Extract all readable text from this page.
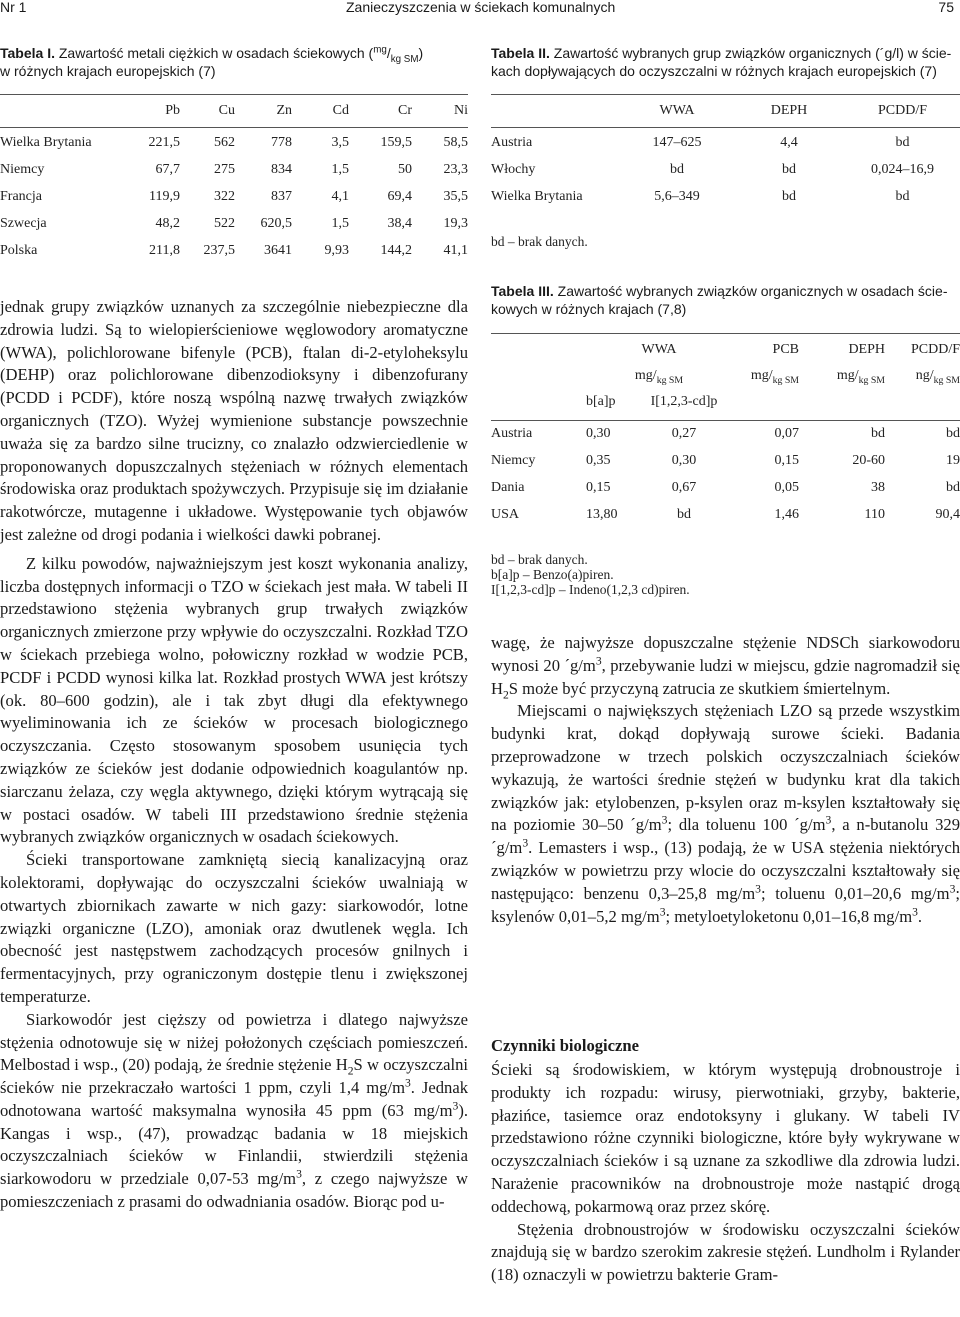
Nr 1	Zanieczyszczenia w ściekach komunalnych	75
Tabela I. Zawartość metali ciężkich w osadach ściekowych $(^{mg}/_{kg SM})$
w różnych krajach europejskich (7)
	Pb	Cu	Zn	Cd	Cr	Ni
Wielka Brytania	221,5	562	778	3,5	159,5	58,5
Niemcy	67,7	275	834	1,5	50	23,3
Francja	119,9	322	837	4,1	69,4	35,5
Szwecja	48,2	522	620,5	1,5	38,4	19,3
Polska	211,8	237,5	3641	9,93	144,2	41,1
Tabela II. Zawartość wybranych grup związków organicznych (´g/l) w ście-
kach dopływających do oczyszczalni w różnych krajach europejskich (7)
	WWA	DEPH	PCDD/F
Austria	147–625	4,4	bd
Włochy	bd	bd	0,024–16,9
Wielka Brytania	5,6–349	bd	bd
bd – brak danych.

jednak grupy związków uznanych za szczególnie niebezpieczne dla zdrowia ludzi. Są to wielopierścieniowe węglowodory aromatyczne (WWA), polichlorowane bifenyle (PCB), ftalan di-2-etyloheksylu (DEHP) oraz polichlorowane dibenzodioksyny i dibenzofurany (PCDD i PCDF), które noszą wspólną nazwę trwałych związków organicznych (TZO). Wyżej wymienione substancje powszechnie uważa się za bardzo silne trucizny, co znalazło odzwierciedlenie w proponowanych dopuszczalnych stężeniach w różnych elementach środowiska oraz produktach spożywczych. Przypisuje się im działanie rakotwórcze, mutagenne i układowe. Występowanie tych objawów jest zależne od drogi podania i wielkości dawki pobranej.

Z kilku powodów, najważniejszym jest koszt wykonania analizy, liczba dostępnych informacji o TZO w ściekach jest mała. W tabeli II przedstawiono stężenia wybranych grup trwałych związków organicznych zmierzone przy wpływie do oczyszczalni. Rozkład TZO w ściekach przebiega wolno, połowiczny rozkład w wodzie PCB, PCDF i PCDD wynosi kilka lat. Rozkład prostych WWA jest krótszy (ok. 80–600 godzin), ale i tak zbyt długi dla efektywnego wyeliminowania ich ze ścieków w procesach biologicznego oczyszczania. Często stosowanym sposobem usunięcia tych związków ze ścieków jest dodanie odpowiednich koagulantów np. siarczanu żelaza, czy węgla aktywnego, dzięki którym wytrącają się w postaci osadów. W tabeli III przedstawiono średnie stężenia wybranych związków organicznych w osadach ściekowych.

Ścieki transportowane zamkniętą siecią kanalizacyjną oraz kolektorami, dopływając do oczyszczalni ścieków uwalniają w otwartych zbiornikach zawarte w nich gazy: siarkowodór, lotne związki organiczne (LZO), amoniak oraz dwutlenek węgla. Ich obecność jest następstwem zachodzących procesów gnilnych i fermentacyjnych, przy ograniczonym dostępie tlenu i zwiększonej temperaturze.

Siarkowodór jest cięższy od powietrza i dlatego najwyższe stężenia odnotowuje się w niżej położonych częściach pomieszczeń. Melbostad i wsp., (20) podają, że średnie stężenie $H_2S$ w oczyszczalni ścieków nie przekraczało wartości 1 ppm, czyli 1,4 $mg/m^3$. Jednak odnotowana wartość maksymalna wynosiła 45 ppm (63 $mg/m^3$). Kangas i wsp., (47), prowadząc badania w 18 miejskich oczyszczalniach ścieków w Finlandii, stwierdzili stężenia siarkowodoru w przedziale 0,07-53 $mg/m^3$, z czego najwyższe w pomieszczeniach z prasami do odwadniania osadów. Biorąc pod u-

Tabela III. Zawartość wybranych związków organicznych w osadach ście-
kowych w różnych krajach (7,8)
	WWA		PCB	DEPH	PCDD/F
	$mg/_{kg SM}$		$mg/_{kg SM}$	$mg/_{kg SM}$	$ng/_{kg SM}$
	b[a]p	I[1,2,3-cd]p			
Austria	0,30	0,27	0,07	bd	bd
Niemcy	0,35	0,30	0,15	20-60	19
Dania	0,15	0,67	0,05	38	bd
USA	13,80	bd	1,46	110	90,4
bd – brak danych.
b[a]p – Benzo(a)piren.
I[1,2,3-cd]p – Indeno(1,2,3 cd)piren.

wagę, że najwyższe dopuszczalne stężenie NDSCh siarkowodoru wynosi 20 $´g/m^3$, przebywanie ludzi w miejscu, gdzie nagromadził się $H_2S$ może być przyczyną zatrucia ze skutkiem śmiertelnym.

Miejscami o największych stężeniach LZO są przede wszystkim budynki krat, dokąd dopływają surowe ścieki. Badania przeprowadzone w trzech polskich oczyszczalniach ścieków wykazują, że wartości średnie stężeń w budynku krat dla takich związków jak: etylobenzen, p-ksylen oraz m-ksylen kształtowały się na poziomie 30–50 $´g/m^3$; dla toluenu 100 $´g/m^3$, a n-butanolu 329 $´g/m^3$. Lemasters i wsp., (13) podają, że w USA stężenia niektórych związków w powietrzu przy wlocie do oczyszczalni kształtowały się następująco: benzenu 0,3–25,8 $mg/m^3$; toluenu 0,01–20,6 $mg/m^3$; ksylenów 0,01–5,2 $mg/m^3$; metyloetyloketonu 0,01–16,8 $mg/m^3$.

Czynniki biologiczne

Ścieki są środowiskiem, w którym występują drobnoustroje i produkty ich rozpadu: wirusy, pierwotniaki, grzyby, bakterie, płazińce, tasiemce oraz endotoksyny i glukany. W tabeli IV przedstawiono różne czynniki biologiczne, które były wykrywane w oczyszczalniach ścieków i są uznane za szkodliwe dla zdrowia ludzi. Narażenie pracowników na drobnoustroje może nastąpić drogą oddechową, pokarmową oraz przez skórę.

Stężenia drobnoustrojów w środowisku oczyszczalni ścieków znajdują się w bardzo szerokim zakresie stężeń. Lundholm i Rylander (18) oznaczyli w powietrzu bakterie Gram-
